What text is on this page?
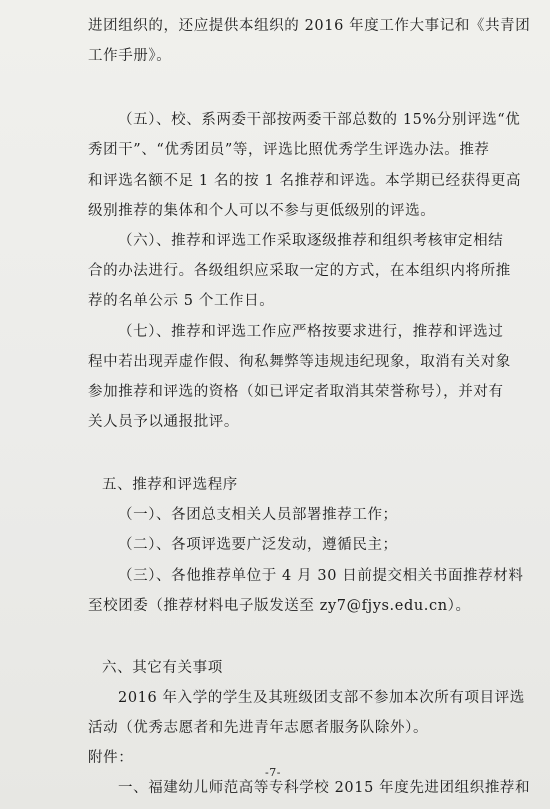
进团组织的，还应提供本组织的 2016 年度工作大事记和《共青团
工作手册》。
（五）、校、系两委干部按两委干部总数的 15%分别评选“优
秀团干”、“优秀团员”等，评选比照优秀学生评选办法。推荐
和评选名额不足 1 名的按 1 名推荐和评选。本学期已经获得更高
级别推荐的集体和个人可以不参与更低级别的评选。
（六）、推荐和评选工作采取逐级推荐和组织考核审定相结
合的办法进行。各级组织应采取一定的方式，在本组织内将所推
荐的名单公示 5 个工作日。
（七）、推荐和评选工作应严格按要求进行，推荐和评选过
程中若出现弄虚作假、徇私舞弊等违规违纪现象，取消有关对象
参加推荐和评选的资格（如已评定者取消其荣誉称号），并对有
关人员予以通报批评。
五、推荐和评选程序
（一）、各团总支相关人员部署推荐工作；
（二）、各项评选要广泛发动，遵循民主；
（三）、各他推荐单位于 4 月 30 日前提交相关书面推荐材料
至校团委（推荐材料电子版发送至 zy7@fjys.edu.cn）。
六、其它有关事项
2016 年入学的学生及其班级团支部不参加本次所有项目评选
活动（优秀志愿者和先进青年志愿者服务队除外）。
附件：
一、福建幼儿师范高等专科学校 2015 年度先进团组织推荐和
-7-
